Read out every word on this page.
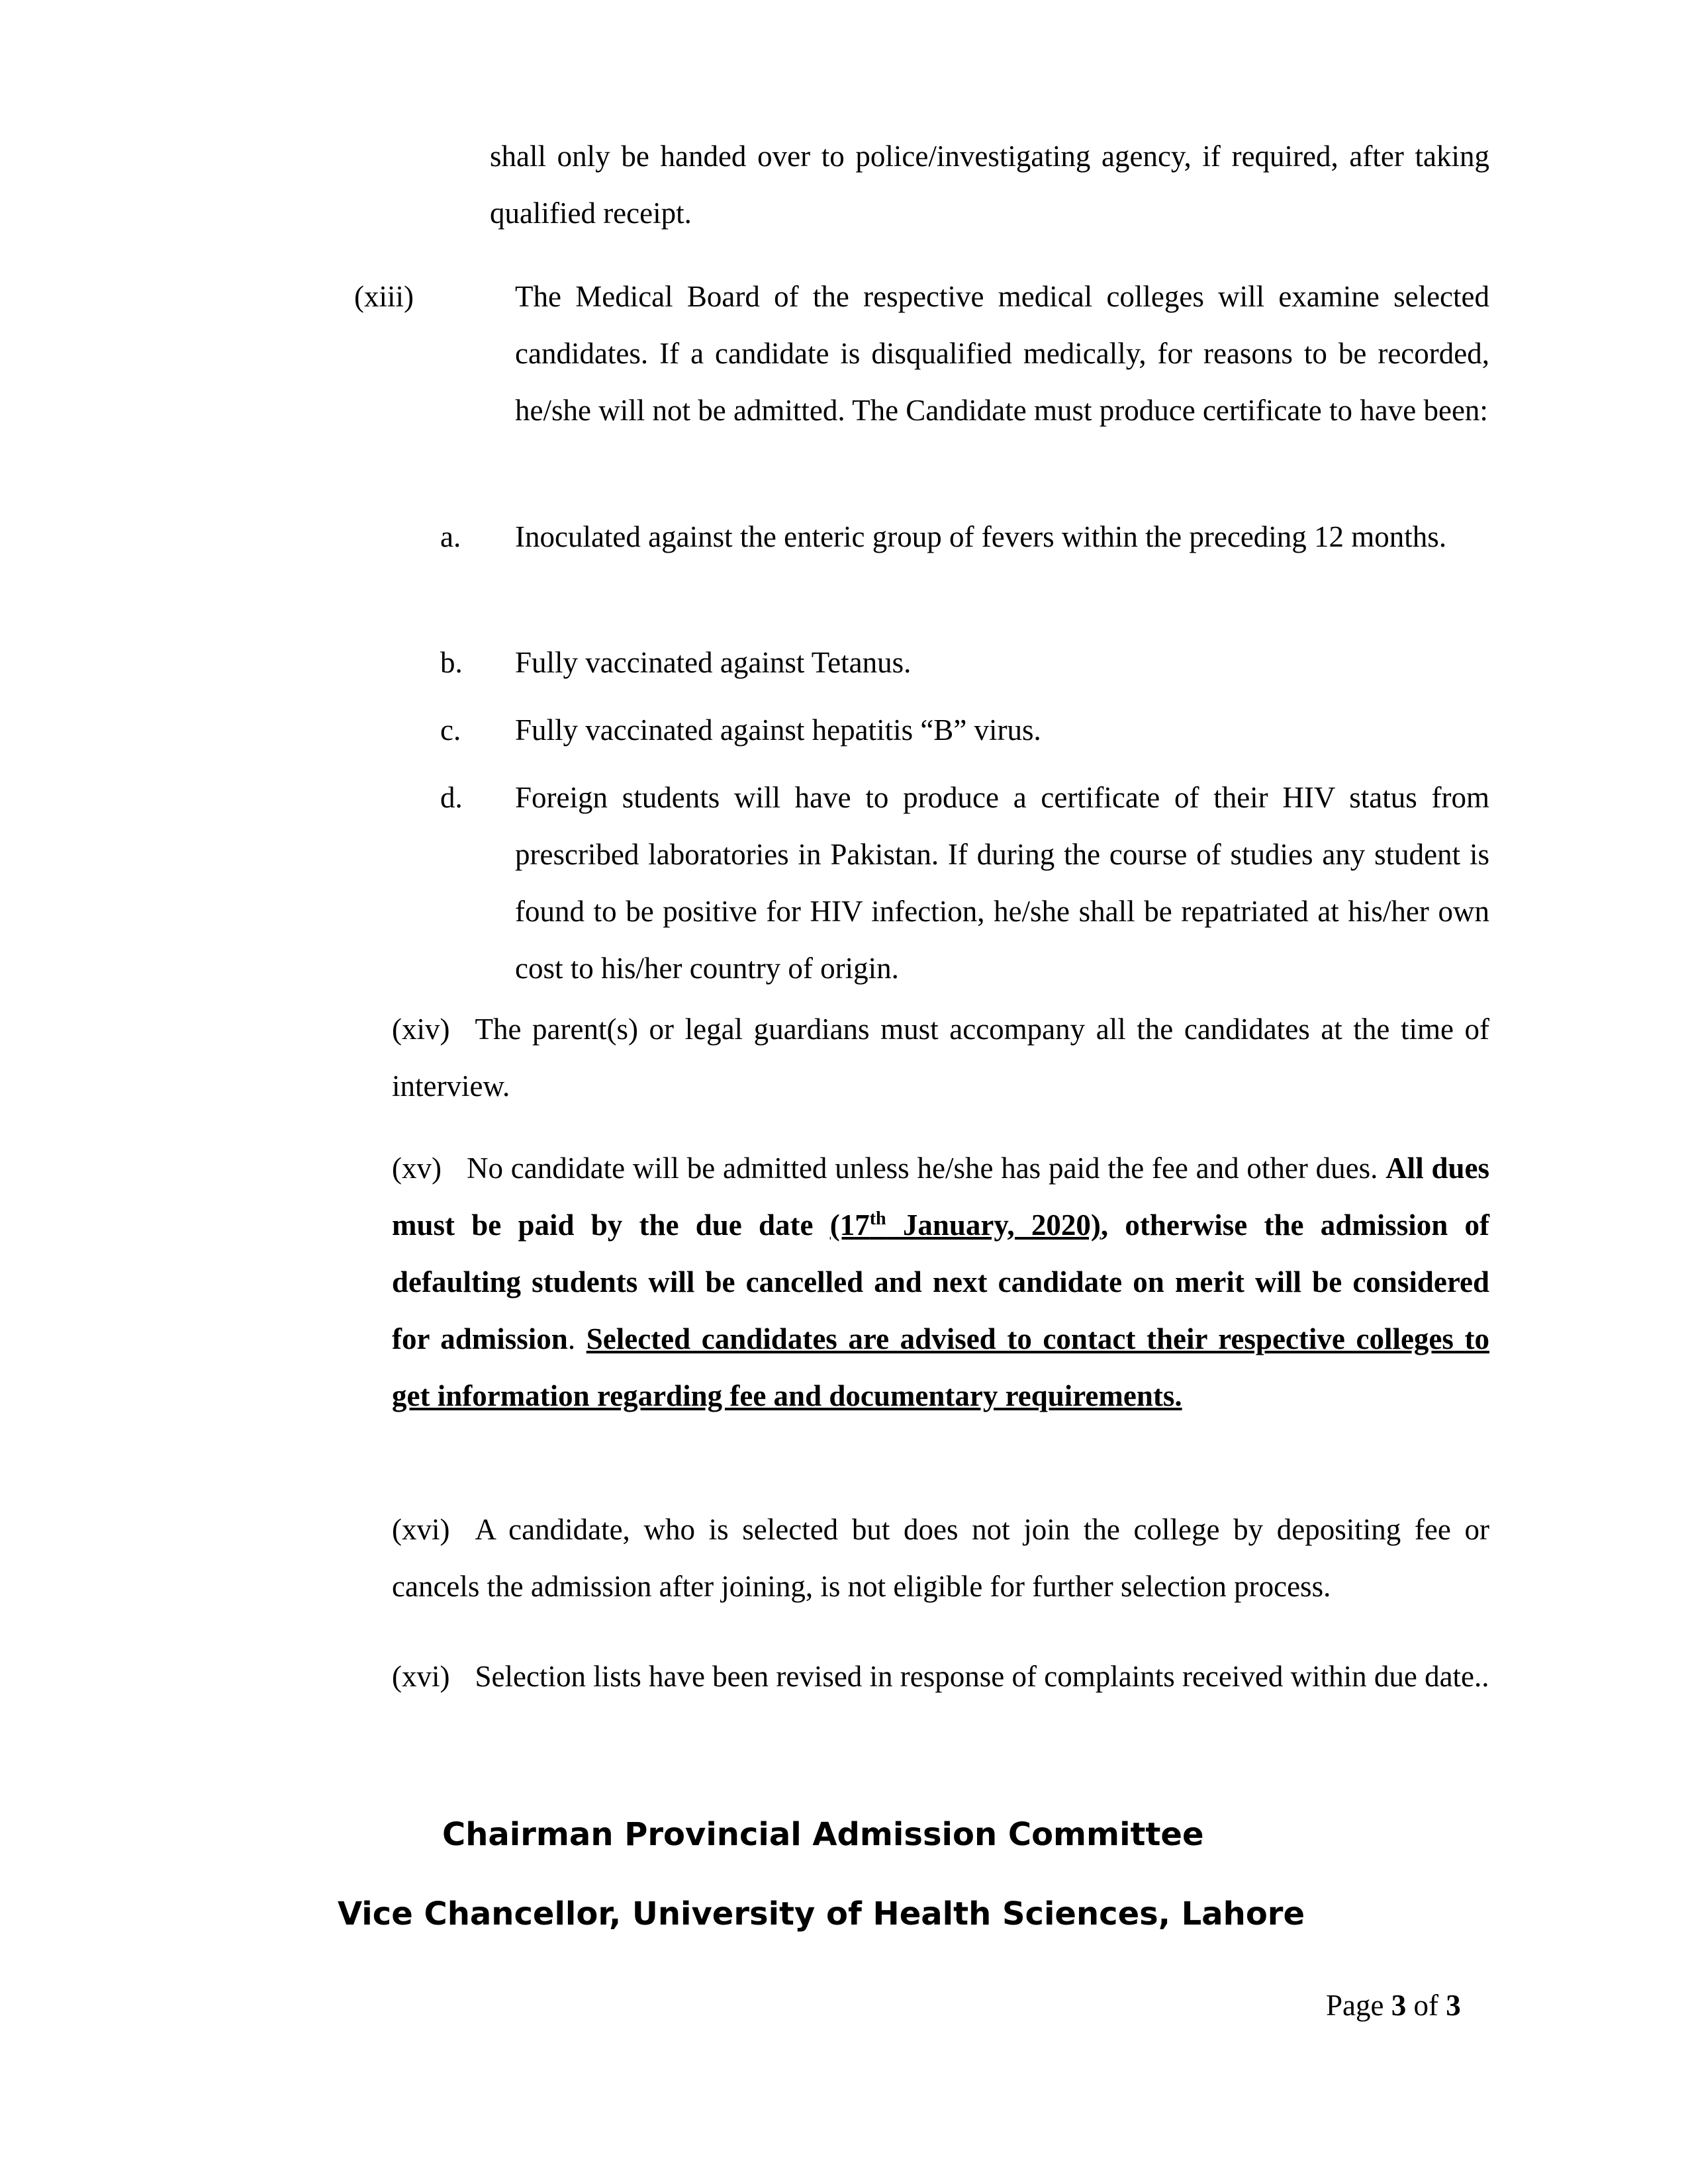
shall only be handed over to police/investigating agency, if required, after taking qualified receipt.

(xiii)	The Medical Board of the respective medical colleges will examine selected candidates. If a candidate is disqualified medically, for reasons to be recorded, he/she will not be admitted. The Candidate must produce certificate to have been:

a. Inoculated against the enteric group of fevers within the preceding 12 months.

b. Fully vaccinated against Tetanus.

c. Fully vaccinated against hepatitis “B” virus.

d. Foreign students will have to produce a certificate of their HIV status from prescribed laboratories in Pakistan. If during the course of studies any student is found to be positive for HIV infection, he/she shall be repatriated at his/her own cost to his/her country of origin.

(xiv) The parent(s) or legal guardians must accompany all the candidates at the time of interview.

(xv) No candidate will be admitted unless he/she has paid the fee and other dues. All dues must be paid by the due date (17th January, 2020), otherwise the admission of defaulting students will be cancelled and next candidate on merit will be considered for admission. Selected candidates are advised to contact their respective colleges to get information regarding fee and documentary requirements.

(xvi) A candidate, who is selected but does not join the college by depositing fee or cancels the admission after joining, is not eligible for further selection process.

(xvi) Selection lists have been revised in response of complaints received within due date..

Chairman Provincial Admission Committee

Vice Chancellor, University of Health Sciences, Lahore

Page 3 of 3
